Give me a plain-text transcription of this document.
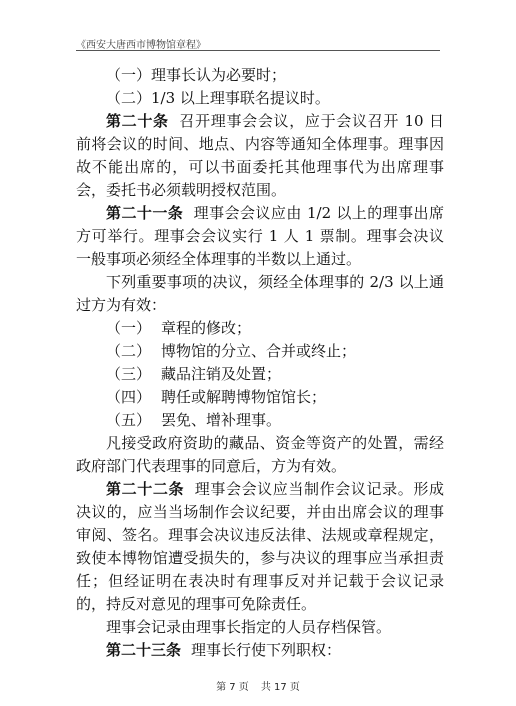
《西安大唐西市博物馆章程》

（一）理事长认为必要时；

（二）1/3 以上理事联名提议时。

第二十条 召开理事会会议，应于会议召开 10 日前将会议的时间、地点、内容等通知全体理事。理事因故不能出席的，可以书面委托其他理事代为出席理事会，委托书必须载明授权范围。

第二十一条 理事会会议应由 1/2 以上的理事出席方可举行。理事会会议实行 1 人 1 票制。理事会决议一般事项必须经全体理事的半数以上通过。

下列重要事项的决议，须经全体理事的 2/3 以上通过方为有效：

（一） 章程的修改；

（二） 博物馆的分立、合并或终止；

（三） 藏品注销及处置；

（四） 聘任或解聘博物馆馆长；

（五） 罢免、增补理事。

凡接受政府资助的藏品、资金等资产的处置，需经政府部门代表理事的同意后，方为有效。

第二十二条 理事会会议应当制作会议记录。形成决议的，应当当场制作会议纪要，并由出席会议的理事审阅、签名。理事会决议违反法律、法规或章程规定，致使本博物馆遭受损失的，参与决议的理事应当承担责任；但经证明在表决时有理事反对并记载于会议记录的，持反对意见的理事可免除责任。

理事会记录由理事长指定的人员存档保管。

第二十三条 理事长行使下列职权：

第 7 页 共 17 页
